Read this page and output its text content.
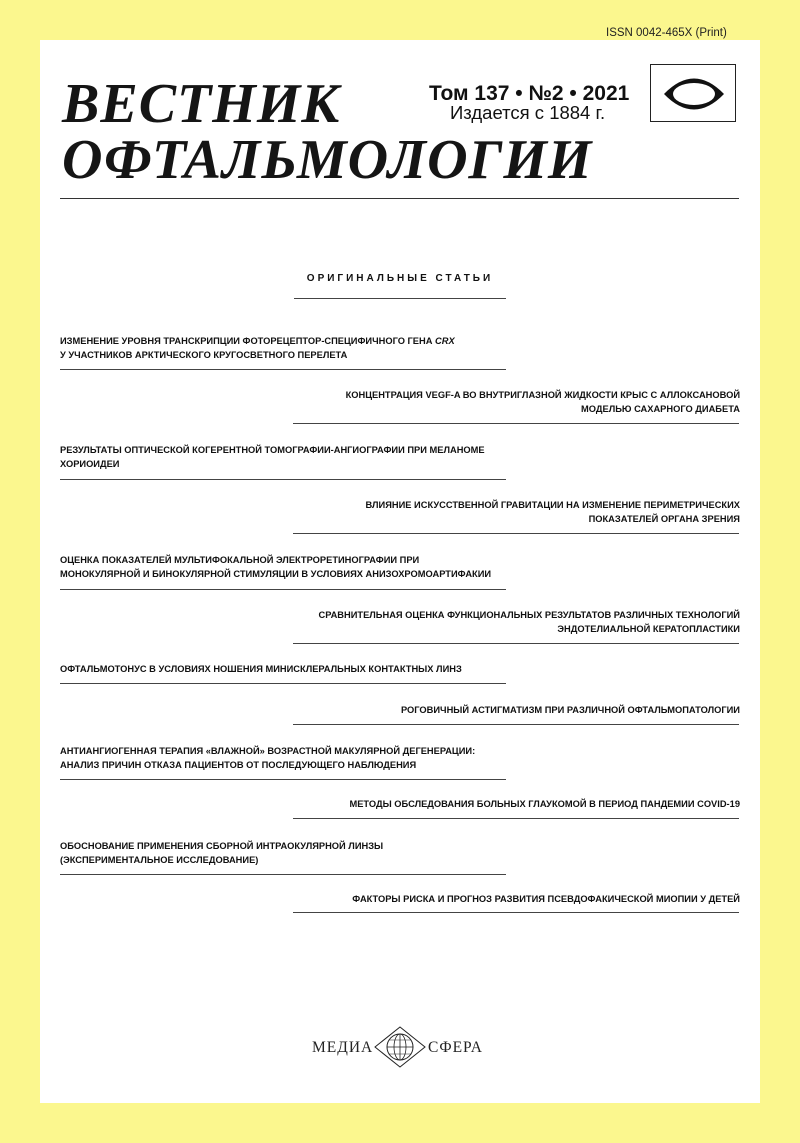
ISSN 0042-465X (Print)
ВЕСТНИК
ОФТАЛЬМОЛОГИИ
Том 137 • №2 • 2021
Издается с 1884 г.
ОРИГИНАЛЬНЫЕ СТАТЬИ
ИЗМЕНЕНИЕ УРОВНЯ ТРАНСКРИПЦИИ ФОТОРЕЦЕПТОР-СПЕЦИФИЧНОГО ГЕНА CRX
У УЧАСТНИКОВ АРКТИЧЕСКОГО КРУГОСВЕТНОГО ПЕРЕЛЕТА
КОНЦЕНТРАЦИЯ VEGF-A ВО ВНУТРИГЛАЗНОЙ ЖИДКОСТИ КРЫС С АЛЛОКСАНОВОЙ
МОДЕЛЬЮ САХАРНОГО ДИАБЕТА
РЕЗУЛЬТАТЫ ОПТИЧЕСКОЙ КОГЕРЕНТНОЙ ТОМОГРАФИИ-АНГИОГРАФИИ ПРИ МЕЛАНОМЕ
ХОРИОИДЕИ
ВЛИЯНИЕ ИСКУССТВЕННОЙ ГРАВИТАЦИИ НА ИЗМЕНЕНИЕ ПЕРИМЕТРИЧЕСКИХ
ПОКАЗАТЕЛЕЙ ОРГАНА ЗРЕНИЯ
ОЦЕНКА ПОКАЗАТЕЛЕЙ МУЛЬТИФОКАЛЬНОЙ ЭЛЕКТРОРЕТИНОГРАФИИ ПРИ
МОНОКУЛЯРНОЙ И БИНОКУЛЯРНОЙ СТИМУЛЯЦИИ В УСЛОВИЯХ АНИЗОХРОМОАРТИФАКИИ
СРАВНИТЕЛЬНАЯ ОЦЕНКА ФУНКЦИОНАЛЬНЫХ РЕЗУЛЬТАТОВ РАЗЛИЧНЫХ ТЕХНОЛОГИЙ
ЭНДОТЕЛИАЛЬНОЙ КЕРАТОПЛАСТИКИ
ОФТАЛЬМОТОНУС В УСЛОВИЯХ НОШЕНИЯ МИНИСКЛЕРАЛЬНЫХ КОНТАКТНЫХ ЛИНЗ
РОГОВИЧНЫЙ АСТИГМАТИЗМ ПРИ РАЗЛИЧНОЙ ОФТАЛЬМОПАТОЛОГИИ
АНТИАНГИОГЕННАЯ ТЕРАПИЯ «ВЛАЖНОЙ» ВОЗРАСТНОЙ МАКУЛЯРНОЙ ДЕГЕНЕРАЦИИ:
АНАЛИЗ ПРИЧИН ОТКАЗА ПАЦИЕНТОВ ОТ ПОСЛЕДУЮЩЕГО НАБЛЮДЕНИЯ
МЕТОДЫ ОБСЛЕДОВАНИЯ БОЛЬНЫХ ГЛАУКОМОЙ В ПЕРИОД ПАНДЕМИИ COVID-19
ОБОСНОВАНИЕ ПРИМЕНЕНИЯ СБОРНОЙ ИНТРАОКУЛЯРНОЙ ЛИНЗЫ
(ЭКСПЕРИМЕНТАЛЬНОЕ ИССЛЕДОВАНИЕ)
ФАКТОРЫ РИСКА И ПРОГНОЗ РАЗВИТИЯ ПСЕВДОФАКИЧЕСКОЙ МИОПИИ У ДЕТЕЙ
МЕДИА	СФЕРА
